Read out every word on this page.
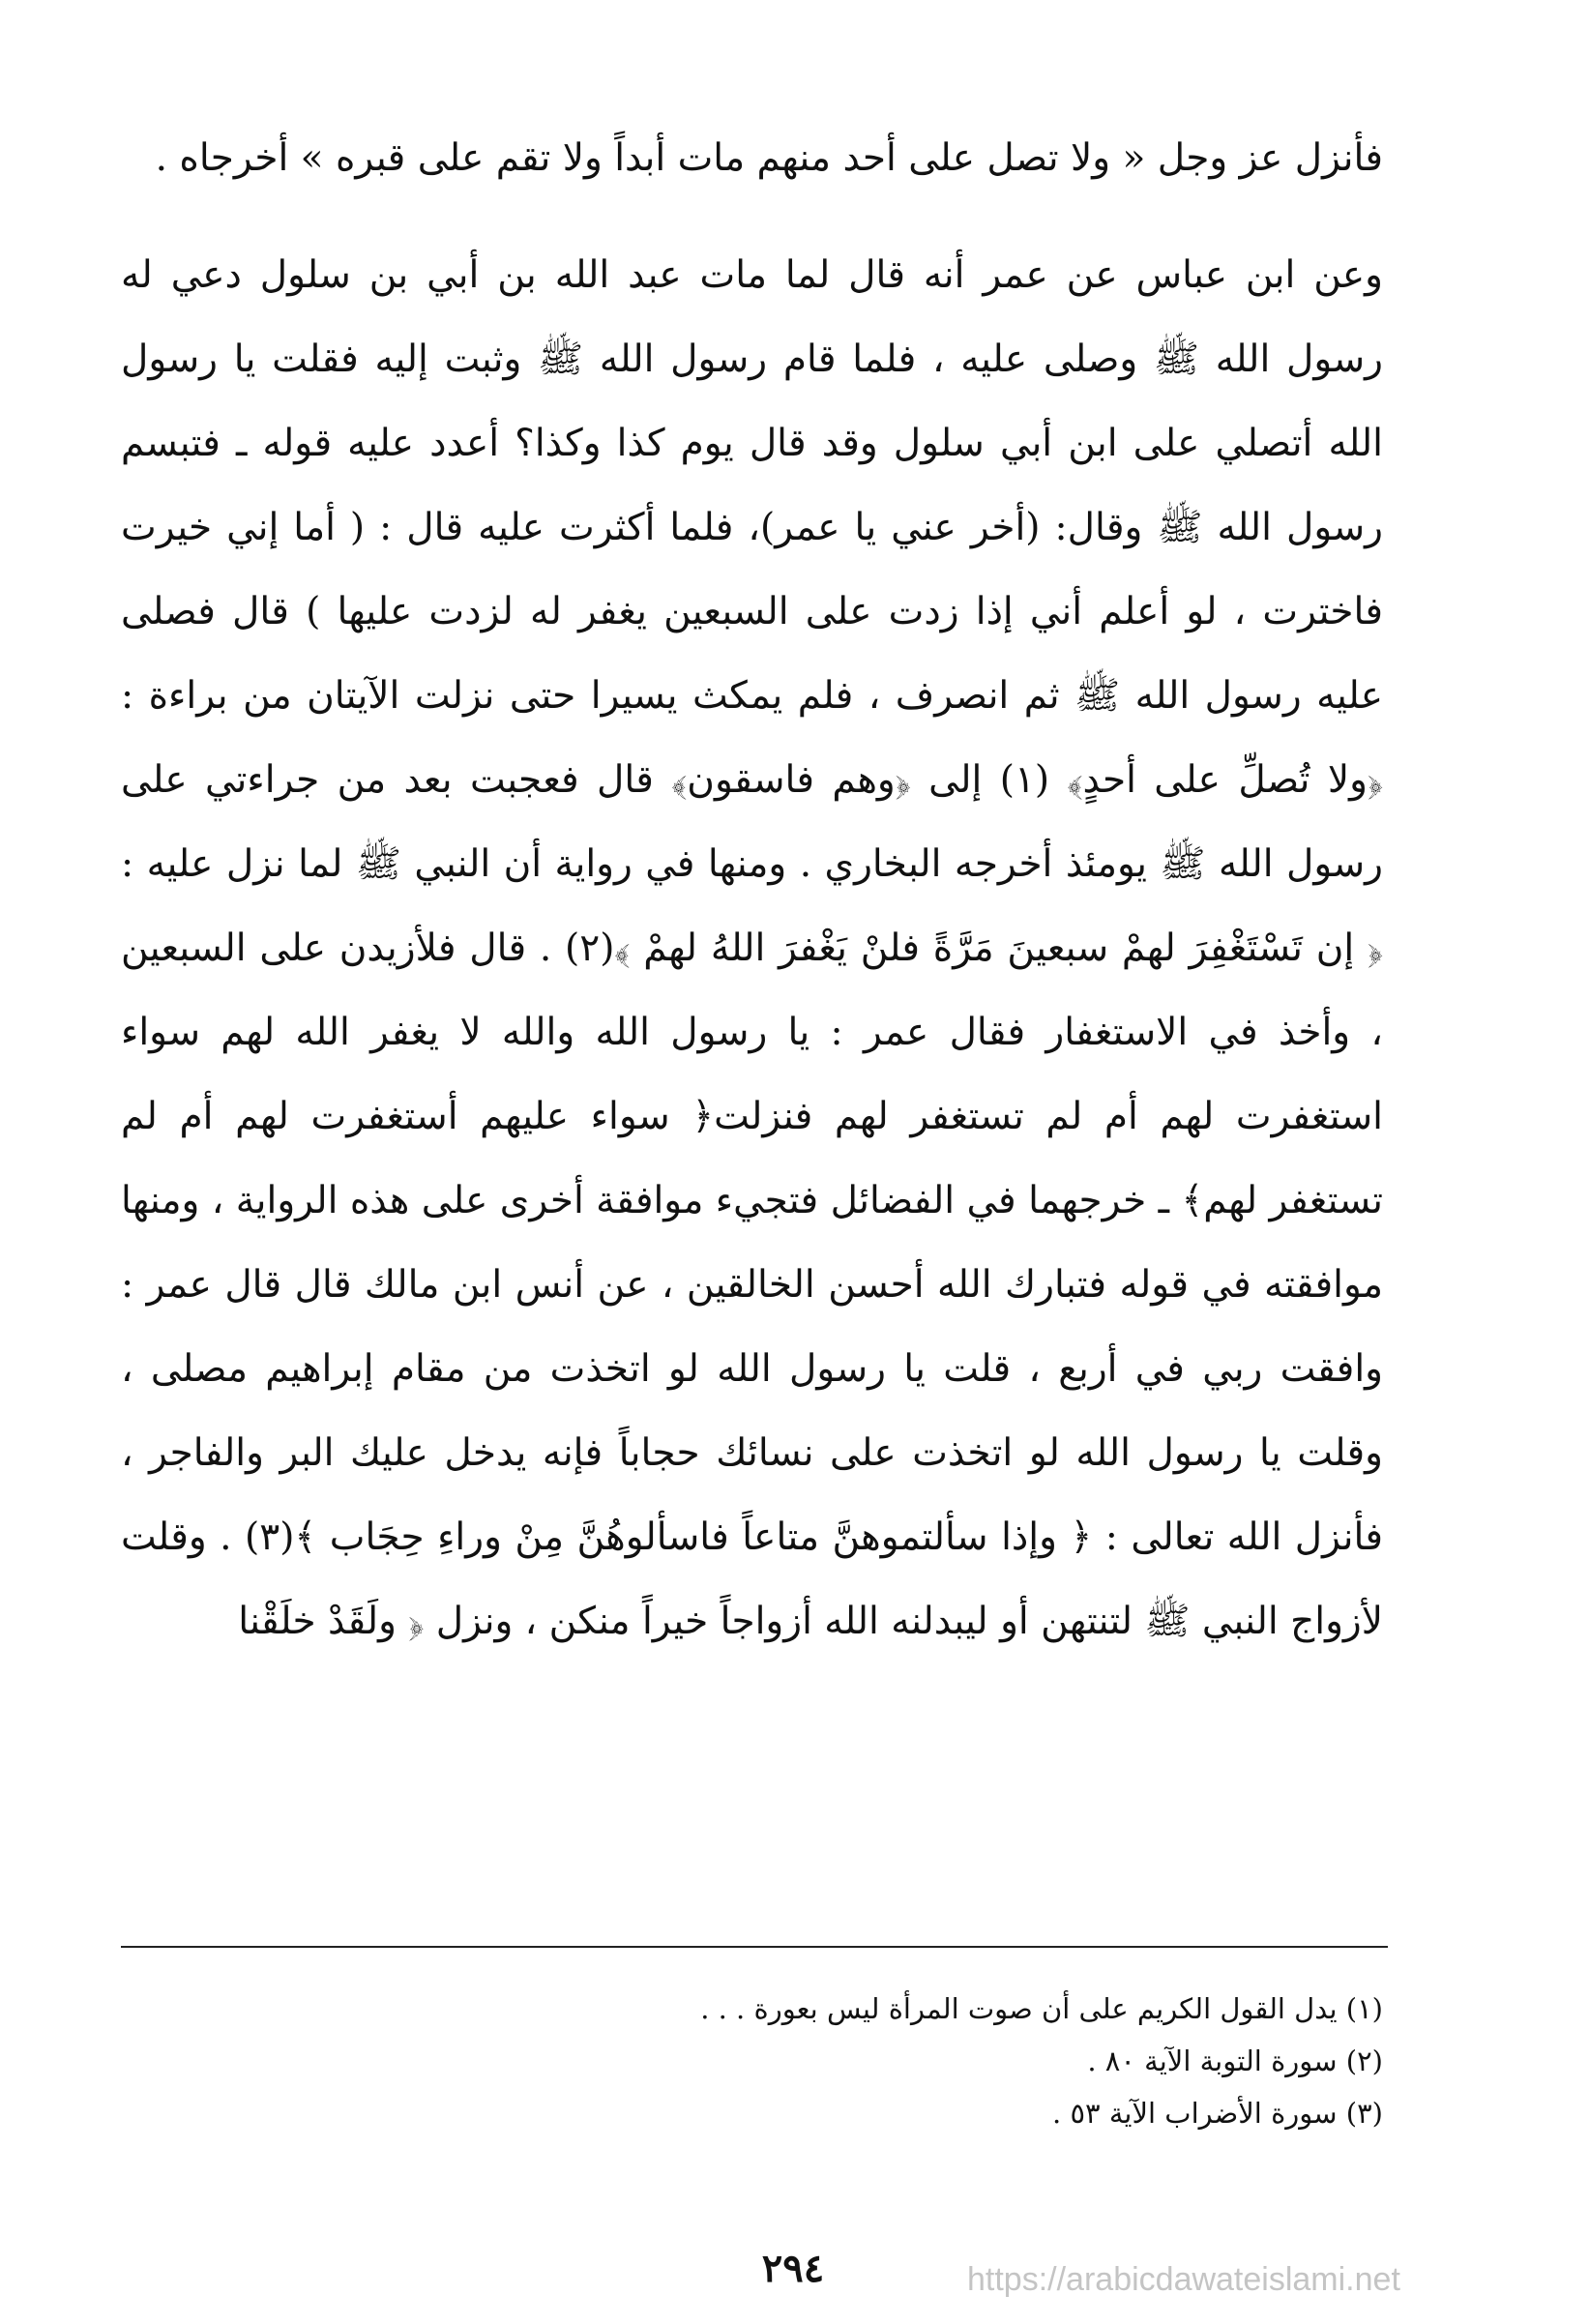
فأنزل عز وجل « ولا تصل على أحد منهم مات أبداً ولا تقم على قبره » أخرجاه .

وعن ابن عباس عن عمر أنه قال لما مات عبد الله بن أبي بن سلول دعي له رسول الله ﷺ وصلى عليه ، فلما قام رسول الله ﷺ وثبت إليه فقلت يا رسول الله أتصلي على ابن أبي سلول وقد قال يوم كذا وكذا؟ أعدد عليه قوله ـ فتبسم رسول الله ﷺ وقال: (أخر عني يا عمر)، فلما أكثرت عليه قال : ( أما إني خيرت فاخترت ، لو أعلم أني إذا زدت على السبعين يغفر له لزدت عليها ) قال فصلى عليه رسول الله ﷺ ثم انصرف ، فلم يمكث يسيرا حتى نزلت الآيتان من براءة : ﴿ولا تُصلِّ على أحدٍ﴾ (١) إلى ﴿وهم فاسقون﴾ قال فعجبت بعد من جراءتي على رسول الله ﷺ يومئذ أخرجه البخاري . ومنها في رواية أن النبي ﷺ لما نزل عليه : ﴿ إن تَسْتَغْفِرَ لهمْ سبعينَ مَرَّةً فلنْ يَغْفرَ اللهُ لهمْ ﴾(٢) . قال فلأزيدن على السبعين ، وأخذ في الاستغفار فقال عمر : يا رسول الله والله لا يغفر الله لهم سواء استغفرت لهم أم لم تستغفر لهم فنزلت﴿ سواء عليهم أستغفرت لهم أم لم تستغفر لهم﴾ ـ خرجهما في الفضائل فتجيء موافقة أخرى على هذه الرواية ، ومنها موافقته في قوله فتبارك الله أحسن الخالقين ، عن أنس ابن مالك قال قال عمر : وافقت ربي في أربع ، قلت يا رسول الله لو اتخذت من مقام إبراهيم مصلى ، وقلت يا رسول الله لو اتخذت على نسائك حجاباً فإنه يدخل عليك البر والفاجر ، فأنزل الله تعالى : ﴿ وإذا سألتموهنَّ متاعاً فاسألوهُنَّ مِنْ وراءِ حِجَاب ﴾(٣) . وقلت لأزواج النبي ﷺ لتنتهن أو ليبدلنه الله أزواجاً خيراً منكن ، ونزل ﴿ ولَقَدْ خلَقْنا

(١) يدل القول الكريم على أن صوت المرأة ليس بعورة . . .

(٢) سورة التوبة الآية ٨٠ .

(٣) سورة الأضراب الآية ٥٣ .

٢٩٤	https://arabicdawateislami.net
